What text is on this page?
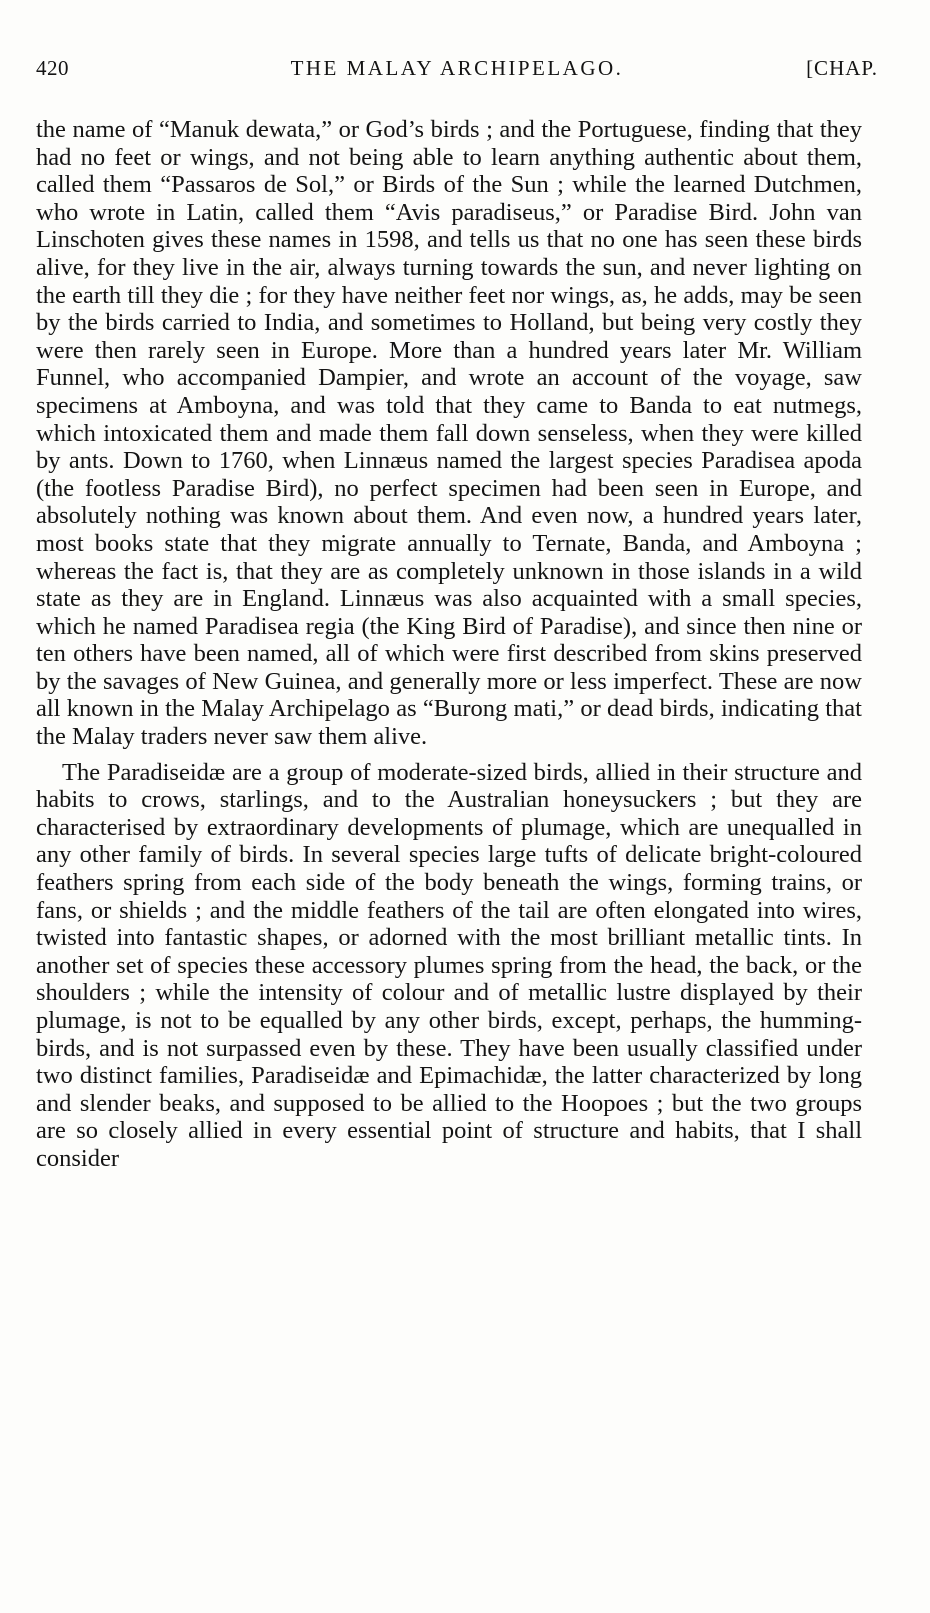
420	THE MALAY ARCHIPELAGO.	[CHAP.

the name of “Manuk dewata,” or God’s birds ; and the Portuguese, finding that they had no feet or wings, and not being able to learn anything authentic about them, called them “Passaros de Sol,” or Birds of the Sun ; while the learned Dutchmen, who wrote in Latin, called them “Avis paradiseus,” or Paradise Bird. John van Linschoten gives these names in 1598, and tells us that no one has seen these birds alive, for they live in the air, always turning towards the sun, and never lighting on the earth till they die ; for they have neither feet nor wings, as, he adds, may be seen by the birds carried to India, and sometimes to Holland, but being very costly they were then rarely seen in Europe. More than a hundred years later Mr. William Funnel, who accompanied Dampier, and wrote an account of the voyage, saw specimens at Amboyna, and was told that they came to Banda to eat nutmegs, which intoxicated them and made them fall down senseless, when they were killed by ants. Down to 1760, when Linnæus named the largest species Paradisea apoda (the footless Paradise Bird), no perfect specimen had been seen in Europe, and absolutely nothing was known about them. And even now, a hundred years later, most books state that they migrate annually to Ternate, Banda, and Amboyna ; whereas the fact is, that they are as completely unknown in those islands in a wild state as they are in England. Linnæus was also acquainted with a small species, which he named Paradisea regia (the King Bird of Paradise), and since then nine or ten others have been named, all of which were first described from skins preserved by the savages of New Guinea, and generally more or less imperfect. These are now all known in the Malay Archipelago as “Burong mati,” or dead birds, indicating that the Malay traders never saw them alive.

The Paradiseidæ are a group of moderate-sized birds, allied in their structure and habits to crows, starlings, and to the Australian honeysuckers ; but they are characterised by extraordinary developments of plumage, which are unequalled in any other family of birds. In several species large tufts of delicate bright-coloured feathers spring from each side of the body beneath the wings, forming trains, or fans, or shields ; and the middle feathers of the tail are often elongated into wires, twisted into fantastic shapes, or adorned with the most brilliant metallic tints. In another set of species these accessory plumes spring from the head, the back, or the shoulders ; while the intensity of colour and of metallic lustre displayed by their plumage, is not to be equalled by any other birds, except, perhaps, the humming-birds, and is not surpassed even by these. They have been usually classified under two distinct families, Paradiseidæ and Epimachidæ, the latter characterized by long and slender beaks, and supposed to be allied to the Hoopoes ; but the two groups are so closely allied in every essential point of structure and habits, that I shall consider
